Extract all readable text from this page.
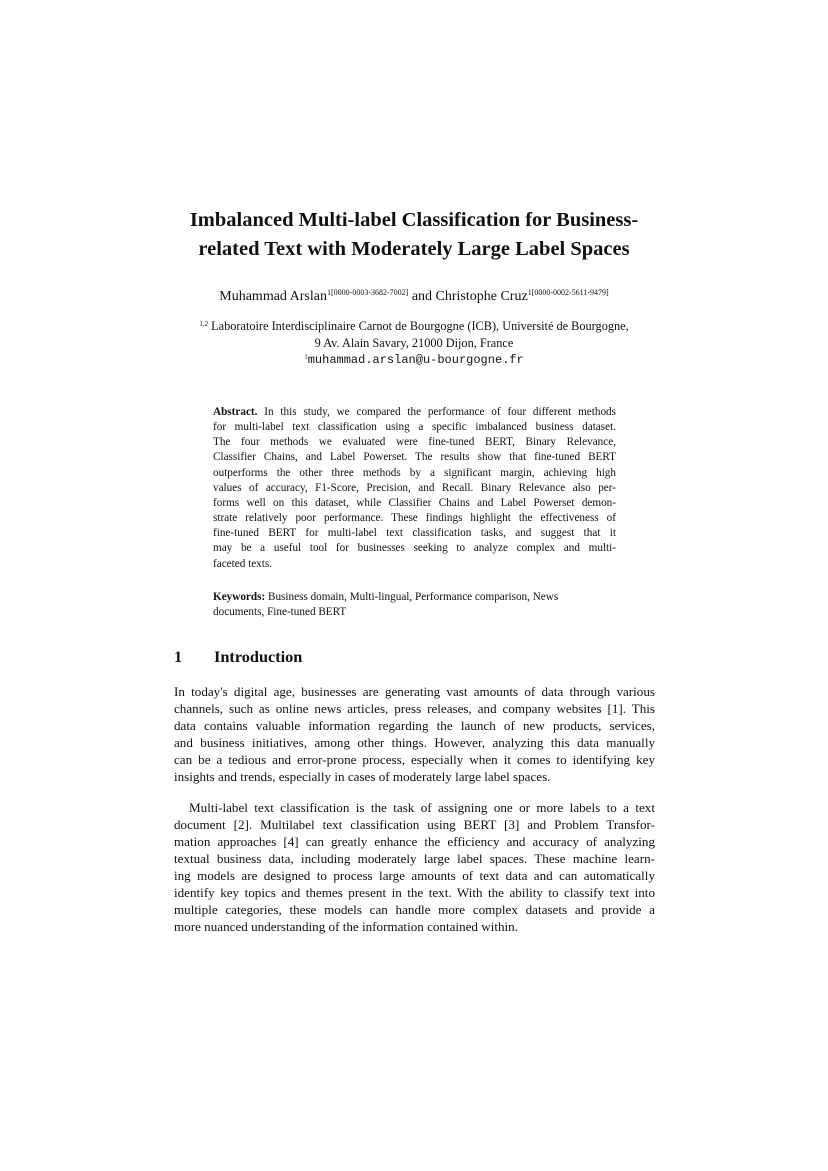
Imbalanced Multi-label Classification for Business-
related Text with Moderately Large Label Spaces
Muhammad Arslan$^{1[0000-0003-3682-7002]}$ and Christophe Cruz$^{1[0000-0002-5611-9479]}$
$^{1,2}$ Laboratoire Interdisciplinaire Carnot de Bourgogne (ICB), Université de Bourgogne,
9 Av. Alain Savary, 21000 Dijon, France
$^1$muhammad.arslan@u-bourgogne.fr
Abstract. In this study, we compared the performance of four different methods
for multi-label text classification using a specific imbalanced business dataset.
The four methods we evaluated were fine-tuned BERT, Binary Relevance,
Classifier Chains, and Label Powerset. The results show that fine-tuned BERT
outperforms the other three methods by a significant margin, achieving high
values of accuracy, F1-Score, Precision, and Recall. Binary Relevance also per-
forms well on this dataset, while Classifier Chains and Label Powerset demon-
strate relatively poor performance. These findings highlight the effectiveness of
fine-tuned BERT for multi-label text classification tasks, and suggest that it
may be a useful tool for businesses seeking to analyze complex and multi-
faceted texts.
Keywords: Business domain, Multi-lingual, Performance comparison, News
documents, Fine-tuned BERT
1 Introduction
In today's digital age, businesses are generating vast amounts of data through various
channels, such as online news articles, press releases, and company websites [1]. This
data contains valuable information regarding the launch of new products, services,
and business initiatives, among other things. However, analyzing this data manually
can be a tedious and error-prone process, especially when it comes to identifying key
insights and trends, especially in cases of moderately large label spaces.
Multi-label text classification is the task of assigning one or more labels to a text
document [2]. Multilabel text classification using BERT [3] and Problem Transfor-
mation approaches [4] can greatly enhance the efficiency and accuracy of analyzing
textual business data, including moderately large label spaces. These machine learn-
ing models are designed to process large amounts of text data and can automatically
identify key topics and themes present in the text. With the ability to classify text into
multiple categories, these models can handle more complex datasets and provide a
more nuanced understanding of the information contained within.
